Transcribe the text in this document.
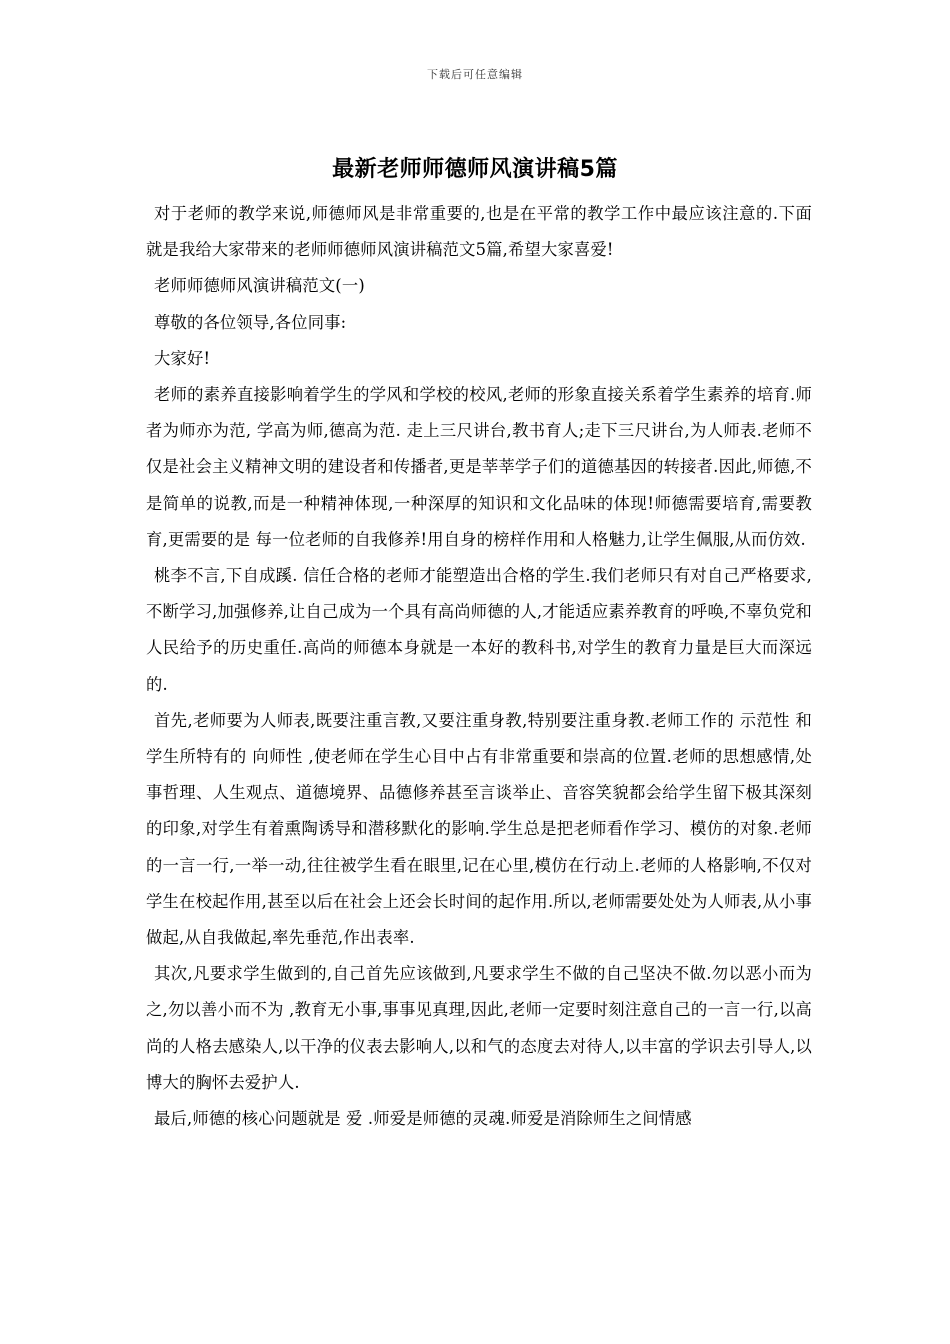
下载后可任意编辑
最新老师师德师风演讲稿5篇

对于老师的教学来说,师德师风是非常重要的,也是在平常的教学工作中最应该注意的.下面就是我给大家带来的老师师德师风演讲稿范文5篇,希望大家喜爱!

老师师德师风演讲稿范文(一)

尊敬的各位领导,各位同事:

大家好!

老师的素养直接影响着学生的学风和学校的校风,老师的形象直接关系着学生素养的培育.师者为师亦为范, 学高为师,德高为范. 走上三尺讲台,教书育人;走下三尺讲台,为人师表.老师不仅是社会主义精神文明的建设者和传播者,更是莘莘学子们的道德基因的转接者.因此,师德,不是简单的说教,而是一种精神体现,一种深厚的知识和文化品味的体现!师德需要培育,需要教育,更需要的是 每一位老师的自我修养!用自身的榜样作用和人格魅力,让学生佩服,从而仿效.

桃李不言,下自成蹊. 信任合格的老师才能塑造出合格的学生.我们老师只有对自己严格要求,不断学习,加强修养,让自己成为一个具有高尚师德的人,才能适应素养教育的呼唤,不辜负党和人民给予的历史重任.高尚的师德本身就是一本好的教科书,对学生的教育力量是巨大而深远的.

首先,老师要为人师表,既要注重言教,又要注重身教,特别要注重身教.老师工作的 示范性 和学生所特有的 向师性 ,使老师在学生心目中占有非常重要和崇高的位置.老师的思想感情,处事哲理、人生观点、道德境界、品德修养甚至言谈举止、音容笑貌都会给学生留下极其深刻的印象,对学生有着熏陶诱导和潜移默化的影响.学生总是把老师看作学习、模仿的对象.老师的一言一行,一举一动,往往被学生看在眼里,记在心里,模仿在行动上.老师的人格影响,不仅对学生在校起作用,甚至以后在社会上还会长时间的起作用.所以,老师需要处处为人师表,从小事做起,从自我做起,率先垂范,作出表率.

其次,凡要求学生做到的,自己首先应该做到,凡要求学生不做的自己坚决不做.勿以恶小而为之,勿以善小而不为 ,教育无小事,事事见真理,因此,老师一定要时刻注意自己的一言一行,以高尚的人格去感染人,以干净的仪表去影响人,以和气的态度去对待人,以丰富的学识去引导人,以博大的胸怀去爱护人.

最后,师德的核心问题就是 爱 .师爱是师德的灵魂.师爱是消除师生之间情感
